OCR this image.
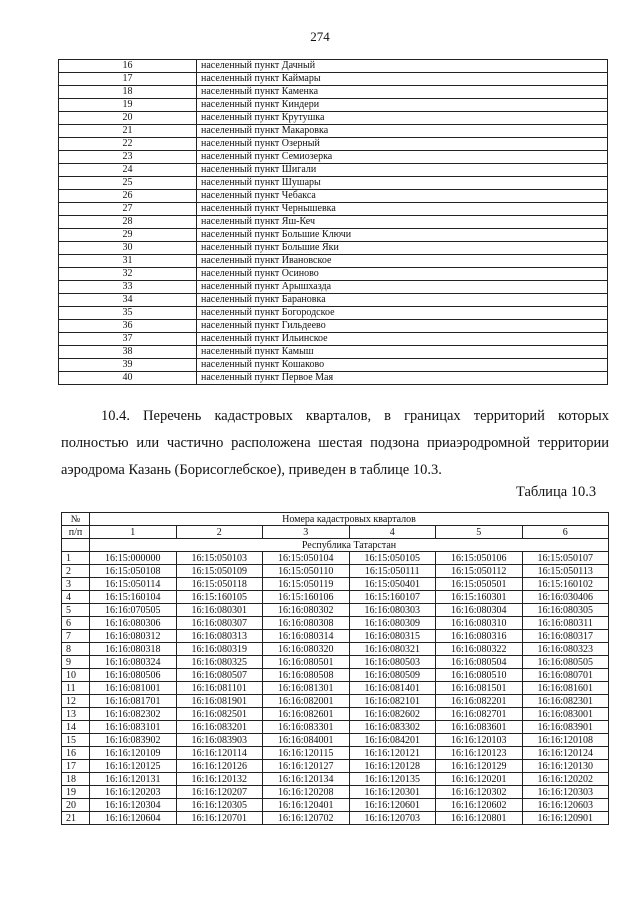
274
16	населенный пункт Дачный
17	населенный пункт Каймары
18	населенный пункт Каменка
19	населенный пункт Киндери
20	населенный пункт Крутушка
21	населенный пункт Макаровка
22	населенный пункт Озерный
23	населенный пункт Семиозерка
24	населенный пункт Шигали
25	населенный пункт Шушары
26	населенный пункт Чебакса
27	населенный пункт Чернышевка
28	населенный пункт Яш-Кеч
29	населенный пункт Большие Ключи
30	населенный пункт Большие Яки
31	населенный пункт Ивановское
32	населенный пункт Осиново
33	населенный пункт Арышхазда
34	населенный пункт Барановка
35	населенный пункт Богородское
36	населенный пункт Гильдеево
37	населенный пункт Ильинское
38	населенный пункт Камыш
39	населенный пункт Кошаково
40	населенный пункт Первое Мая
10.4. Перечень кадастровых кварталов, в границах территорий которых
полностью или частично расположена шестая подзона приаэродромной территории аэродрома Казань (Борисоглебское), приведен в таблице 10.3.
Таблица 10.3
№	Номера кадастровых кварталов					
п/п	1	2	3	4	5	6
	Республика Татарстан					
1	16:15:000000	16:15:050103	16:15:050104	16:15:050105	16:15:050106	16:15:050107
2	16:15:050108	16:15:050109	16:15:050110	16:15:050111	16:15:050112	16:15:050113
3	16:15:050114	16:15:050118	16:15:050119	16:15:050401	16:15:050501	16:15:160102
4	16:15:160104	16:15:160105	16:15:160106	16:15:160107	16:15:160301	16:16:030406
5	16:16:070505	16:16:080301	16:16:080302	16:16:080303	16:16:080304	16:16:080305
6	16:16:080306	16:16:080307	16:16:080308	16:16:080309	16:16:080310	16:16:080311
7	16:16:080312	16:16:080313	16:16:080314	16:16:080315	16:16:080316	16:16:080317
8	16:16:080318	16:16:080319	16:16:080320	16:16:080321	16:16:080322	16:16:080323
9	16:16:080324	16:16:080325	16:16:080501	16:16:080503	16:16:080504	16:16:080505
10	16:16:080506	16:16:080507	16:16:080508	16:16:080509	16:16:080510	16:16:080701
11	16:16:081001	16:16:081101	16:16:081301	16:16:081401	16:16:081501	16:16:081601
12	16:16:081701	16:16:081901	16:16:082001	16:16:082101	16:16:082201	16:16:082301
13	16:16:082302	16:16:082501	16:16:082601	16:16:082602	16:16:082701	16:16:083001
14	16:16:083101	16:16:083201	16:16:083301	16:16:083302	16:16:083601	16:16:083901
15	16:16:083902	16:16:083903	16:16:084001	16:16:084201	16:16:120103	16:16:120108
16	16:16:120109	16:16:120114	16:16:120115	16:16:120121	16:16:120123	16:16:120124
17	16:16:120125	16:16:120126	16:16:120127	16:16:120128	16:16:120129	16:16:120130
18	16:16:120131	16:16:120132	16:16:120134	16:16:120135	16:16:120201	16:16:120202
19	16:16:120203	16:16:120207	16:16:120208	16:16:120301	16:16:120302	16:16:120303
20	16:16:120304	16:16:120305	16:16:120401	16:16:120601	16:16:120602	16:16:120603
21	16:16:120604	16:16:120701	16:16:120702	16:16:120703	16:16:120801	16:16:120901
